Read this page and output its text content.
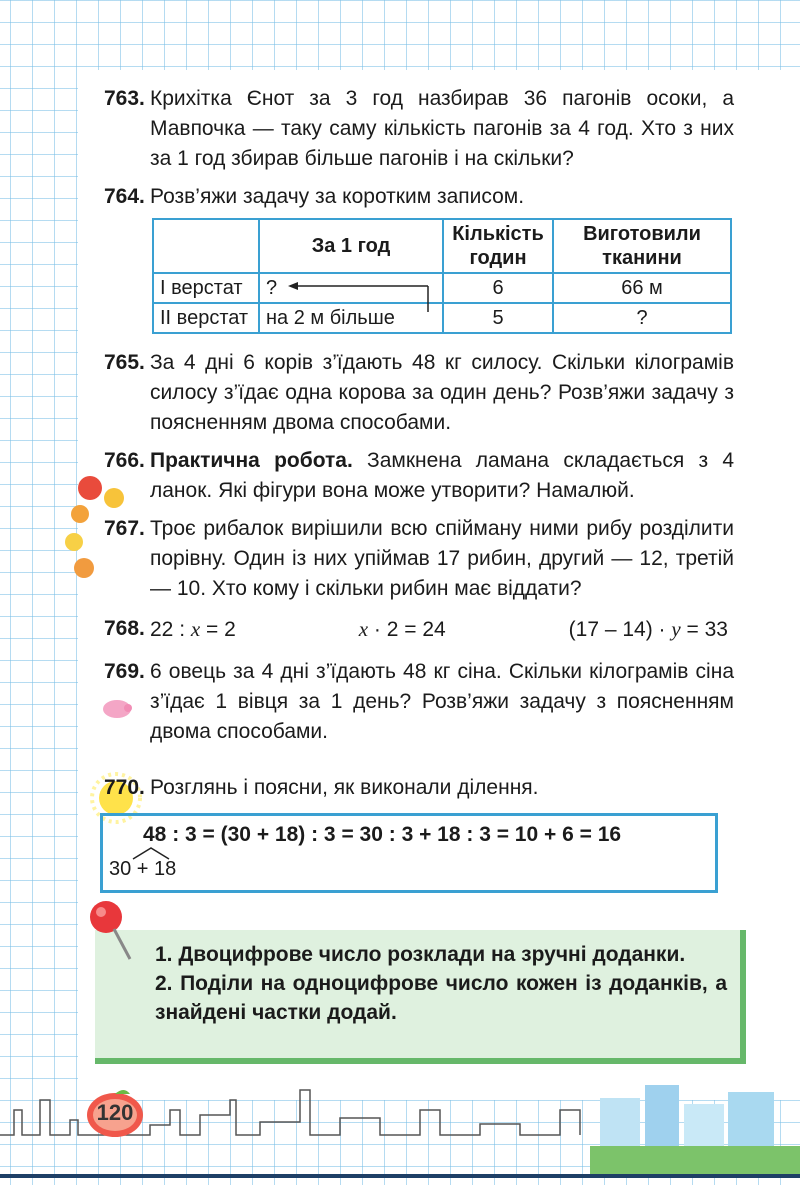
763. Крихітка Єнот за 3 год назбирав 36 пагонів осоки, а Мавпочка — таку саму кількість пагонів за 4 год. Хто з них за 1 год збирав більше пагонів і на скільки?
764. Розв’яжи задачу за коротким записом.
	За 1 год	Кількість годин	Виготовили тканини
І верстат	?	6	66 м
ІІ верстат	на 2 м більше	5	?
765. За 4 дні 6 корів з’їдають 48 кг силосу. Скільки кілограмів силосу з’їдає одна корова за один день? Розв’яжи задачу з поясненням двома способами.
766. Практична робота. Замкнена ламана складається з 4 ланок. Які фігури вона може утворити? Намалюй.
767. Троє рибалок вирішили всю спійману ними рибу розділити порівну. Один із них упіймав 17 рибин, другий — 12, третій — 10. Хто кому і скільки рибин має віддати?
768. 22 : x = 2	x · 2 = 24	(17 – 14) · y = 33
769. 6 овець за 4 дні з’їдають 48 кг сіна. Скільки кілограмів сіна з’їдає 1 вівця за 1 день? Розв’яжи задачу з поясненням двома способами.
770. Розглянь і поясни, як виконали ділення.
48 : 3 = (30 + 18) : 3 = 30 : 3 + 18 : 3 = 10 + 6 = 16
30 + 18
1. Двоцифрове число розклади на зручні доданки.
2. Поділи на одноцифрове число кожен із доданків, а знайдені частки додай.
120
